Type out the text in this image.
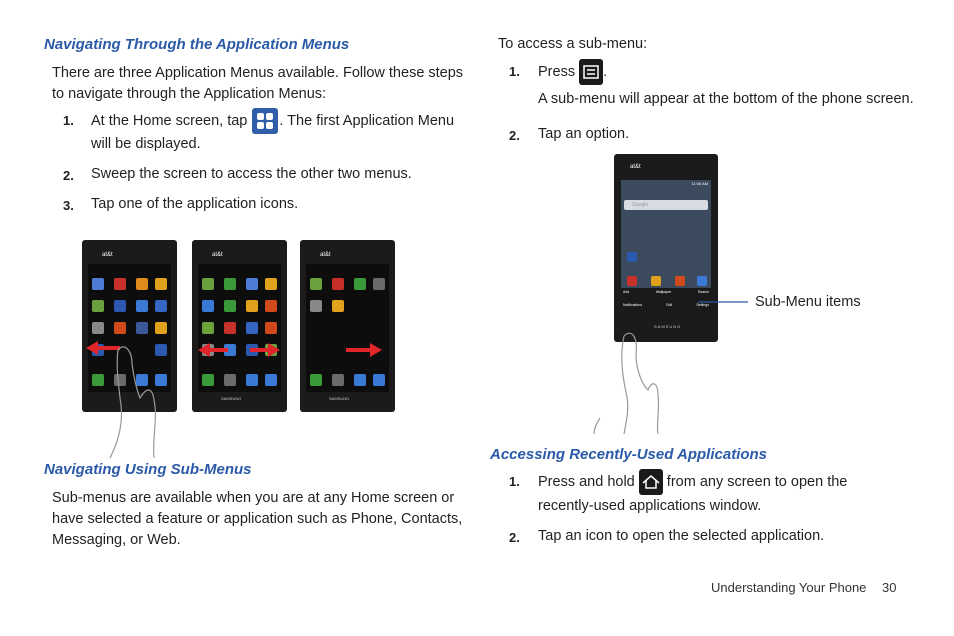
Navigating Through the Application Menus
There are three Application Menus available. Follow these steps
to navigate through the Application Menus:
1. At the Home screen, tap . The first Application Menu
will be displayed.
2. Sweep the screen to access the other two menus.
3. Tap one of the application icons.
at&t	at&t
SAMSUNG
at&t
SAMSUNG
Navigating Using Sub-Menus
Sub-menus are available when you are at any Home screen or
have selected a feature or application such as Phone, Contacts,
Messaging, or Web.
To access a sub-menu:
1. Press .
A sub-menu will appear at the bottom of the phone screen.
2. Tap an option.
at&t
11:06 AM
Google
Add	Wallpaper	Search
Notifications	Edit	Settings
SAMSUNG
Sub-Menu items
Accessing Recently-Used Applications
1. Press and hold from any screen to open the
recently-used applications window.
2. Tap an icon to open the selected application.
Understanding Your Phone 30
